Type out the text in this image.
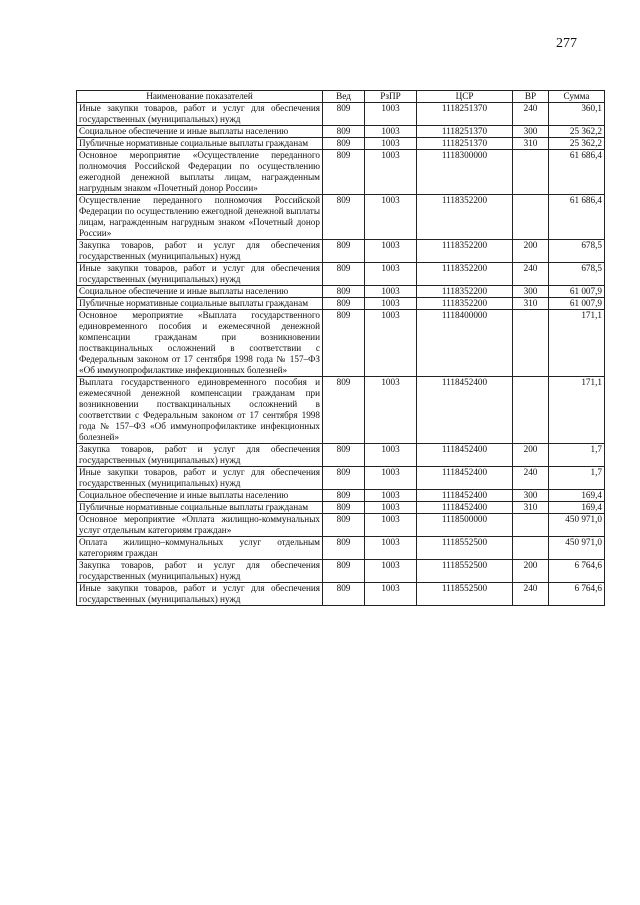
277
Наименование показателей	Вед	РзПР	ЦСР	ВР	Сумма
Иные закупки товаров, работ и услуг для обеспечения государственных (муниципальных) нужд	809	1003	1118251370	240	360,1
Социальное обеспечение и иные выплаты населению	809	1003	1118251370	300	25 362,2
Публичные нормативные социальные выплаты гражданам	809	1003	1118251370	310	25 362,2
Основное мероприятие «Осуществление переданного полномочия Российской Федерации по осуществлению ежегодной денежной выплаты лицам, награжденным нагрудным знаком «Почетный донор России»	809	1003	1118300000		61 686,4
Осуществление переданного полномочия Российской Федерации по осуществлению ежегодной денежной выплаты лицам, награжденным нагрудным знаком «Почетный донор России»	809	1003	1118352200		61 686,4
Закупка товаров, работ и услуг для обеспечения государственных (муниципальных) нужд	809	1003	1118352200	200	678,5
Иные закупки товаров, работ и услуг для обеспечения государственных (муниципальных) нужд	809	1003	1118352200	240	678,5
Социальное обеспечение и иные выплаты населению	809	1003	1118352200	300	61 007,9
Публичные нормативные социальные выплаты гражданам	809	1003	1118352200	310	61 007,9
Основное мероприятие «Выплата государственного единовременного пособия и ежемесячной денежной компенсации гражданам при возникновении поствакцинальных осложнений в соответствии с Федеральным законом от 17 сентября 1998 года № 157–ФЗ «Об иммунопрофилактике инфекционных болезней»	809	1003	1118400000		171,1
Выплата государственного единовременного пособия и ежемесячной денежной компенсации гражданам при возникновении поствакцинальных осложнений в соответствии с Федеральным законом от 17 сентября 1998 года № 157–ФЗ «Об иммунопрофилактике инфекционных болезней»	809	1003	1118452400		171,1
Закупка товаров, работ и услуг для обеспечения государственных (муниципальных) нужд	809	1003	1118452400	200	1,7
Иные закупки товаров, работ и услуг для обеспечения государственных (муниципальных) нужд	809	1003	1118452400	240	1,7
Социальное обеспечение и иные выплаты населению	809	1003	1118452400	300	169,4
Публичные нормативные социальные выплаты гражданам	809	1003	1118452400	310	169,4
Основное мероприятие «Оплата жилищно-коммунальных услуг отдельным категориям граждан»	809	1003	1118500000		450 971,0
Оплата жилищно–коммунальных услуг отдельным категориям граждан	809	1003	1118552500		450 971,0
Закупка товаров, работ и услуг для обеспечения государственных (муниципальных) нужд	809	1003	1118552500	200	6 764,6
Иные закупки товаров, работ и услуг для обеспечения государственных (муниципальных) нужд	809	1003	1118552500	240	6 764,6
